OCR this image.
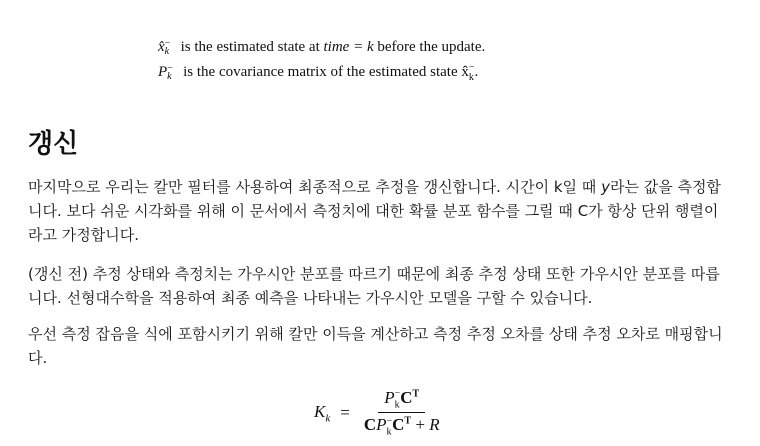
$x̂_k^-$ is the estimated state at time = k before the update.
$P_k^-$ is the covariance matrix of the estimated state $x̂_k^-$.
갱신

마지막으로 우리는 칼만 필터를 사용하여 최종적으로 추정을 갱신합니다. 시간이 k일 때 y라는 값을 측정합니다. 보다 쉬운 시각화를 위해 이 문서에서 측정치에 대한 확률 분포 함수를 그릴 때 C가 항상 단위 행렬이라고 가정합니다.

(갱신 전) 추정 상태와 측정치는 가우시안 분포를 따르기 때문에 최종 추정 상태 또한 가우시안 분포를 따릅니다. 선형대수학을 적용하여 최종 예측을 나타내는 가우시안 모델을 구할 수 있습니다.

우선 측정 잡음을 식에 포함시키기 위해 칼만 이득을 계산하고 측정 추정 오차를 상태 추정 오차로 매핑합니다.

$K_k = \frac{P_k^-C^T}{CP_k^-C^T + R}$
